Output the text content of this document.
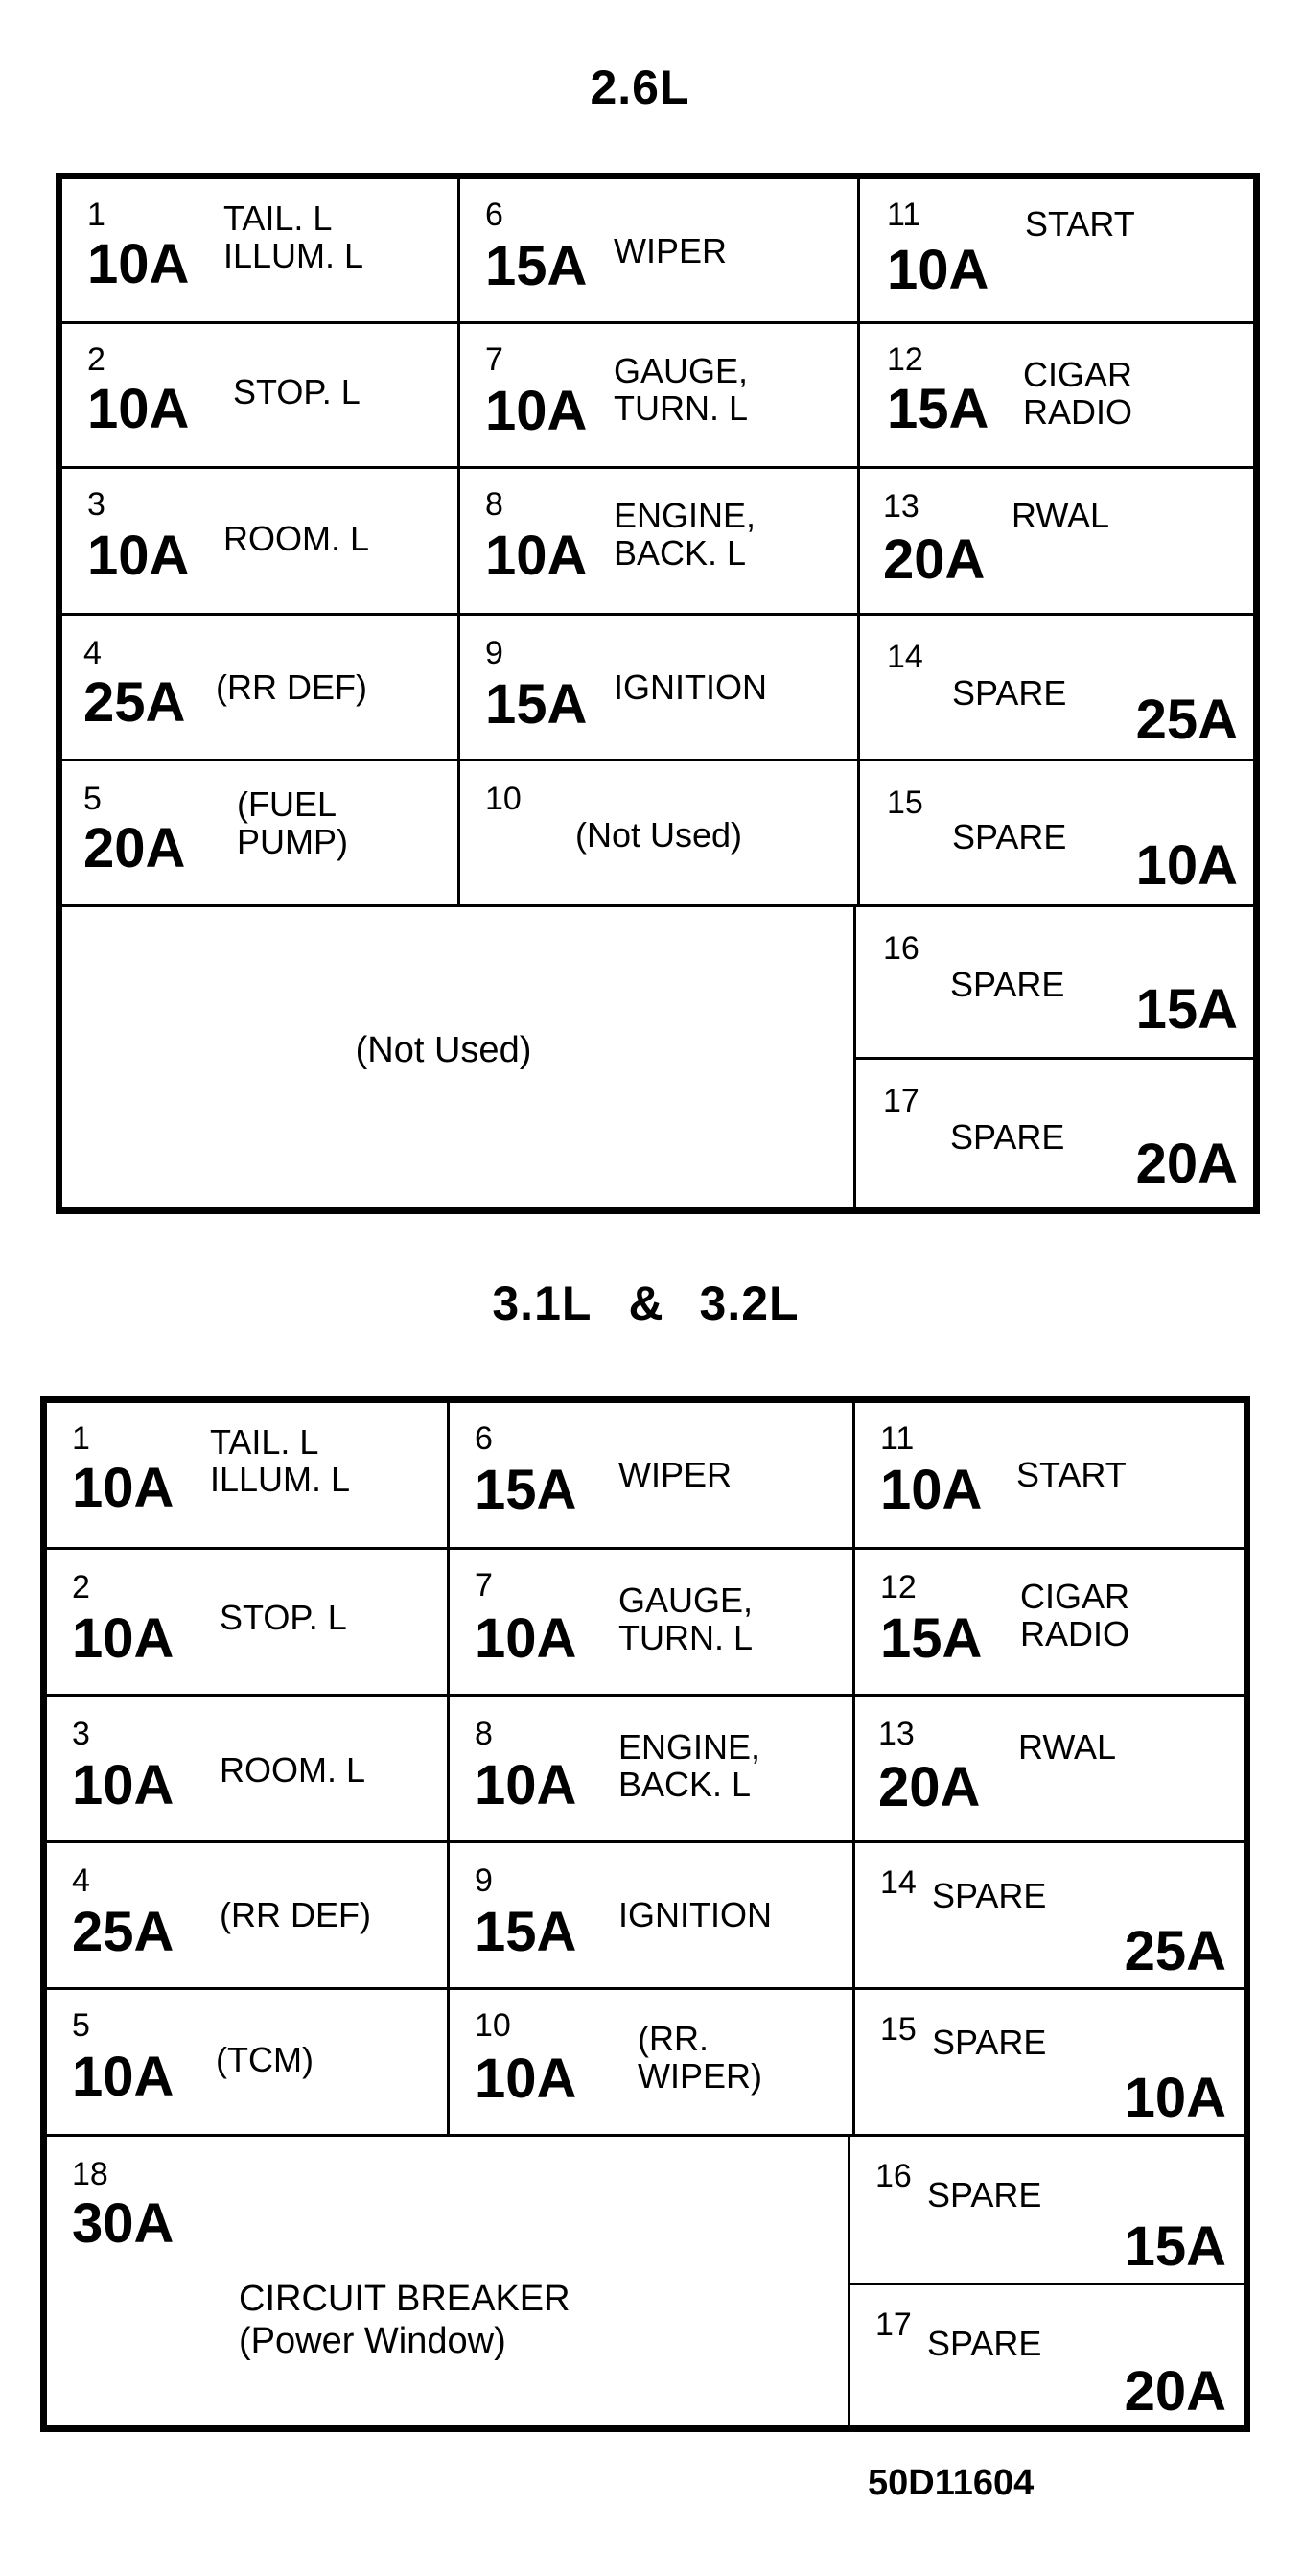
2.6L
3.1L & 3.2L
1
10A
TAIL. L
ILLUM. L
2
10A STOP. L
3
10A ROOM. L
4
25A (RR DEF)
5
20A
(FUEL
PUMP)
6
15A WIPER
7
10A
GAUGE,
TURN. L
8
10A
ENGINE,
BACK. L
9
15A IGNITION
10
(Not Used)
11
10A
START
12
15A
CIGAR
RADIO
13
20A
RWAL
14
SPARE 25A
15
SPARE 10A
16
SPARE 15A
17
SPARE 20A
(Not Used)
1
10A
TAIL. L
ILLUM. L
2
10A STOP. L
3
10A ROOM. L
4
25A (RR DEF)
5
10A (TCM)
6
15A WIPER
7
10A
GAUGE,
TURN. L
8
10A
ENGINE,
BACK. L
9
15A IGNITION
10
10A
(RR.
WIPER)
11
10A START
12
15A
CIGAR
RADIO
13
20A
RWAL
14 SPARE
25A
15 SPARE
10A
16 SPARE
15A
17 SPARE
20A
18
30A
CIRCUIT BREAKER
(Power Window)
50D11604
